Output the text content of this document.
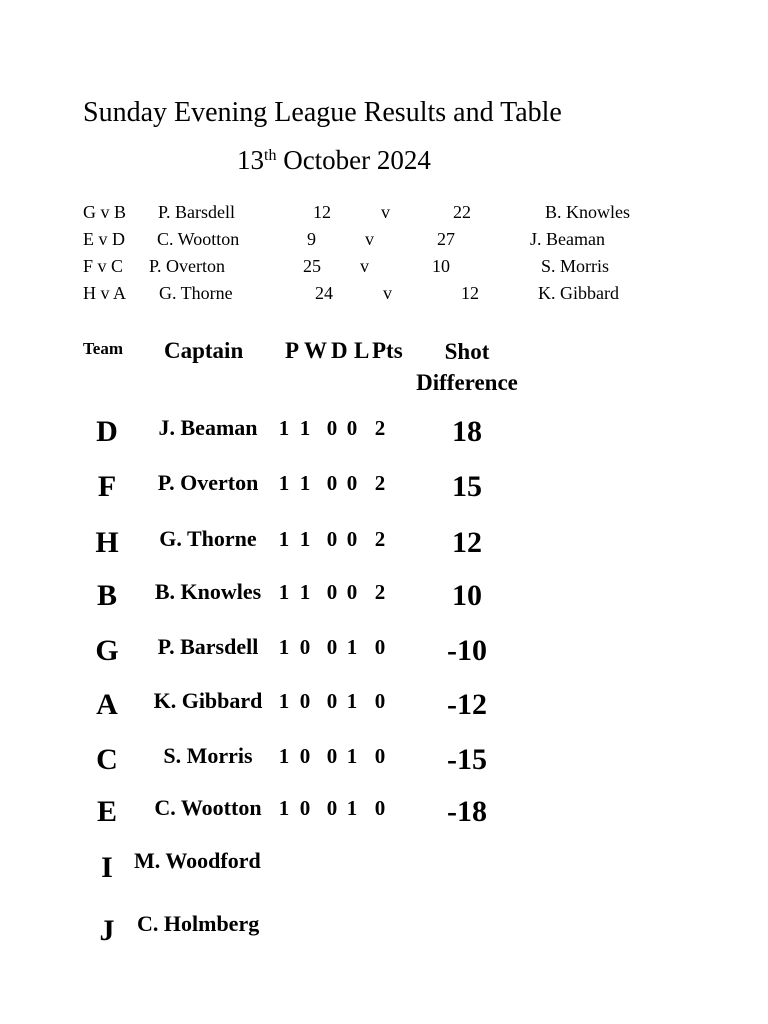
Sunday Evening League Results and Table
13th October 2024
G v B P. Barsdell	12	v	22	B. Knowles
E v D C. Wootton	9	v	27	J. Beaman
F v C P. Overton	25 v	10	S. Morris
H v A G. Thorne	24	v	12	K. Gibbard
Team Captain P W D L Pts	Shot
Difference
D	J. Beaman	1 1 0 0 2	18
F	P. Overton 1 1 0 0 2	15
H	G. Thorne	1 1 0 0 2	12
B	B. Knowles 1 1 0 0 2	10
G	P. Barsdell 1 0 0 1 0	-10
A	K. Gibbard 1 0 0 1 0	-12
C	S. Morris	1 0 0 1 0	-15
E	C. Wootton 1 0 0 1 0	-18
I M. Woodford
J	C. Holmberg
